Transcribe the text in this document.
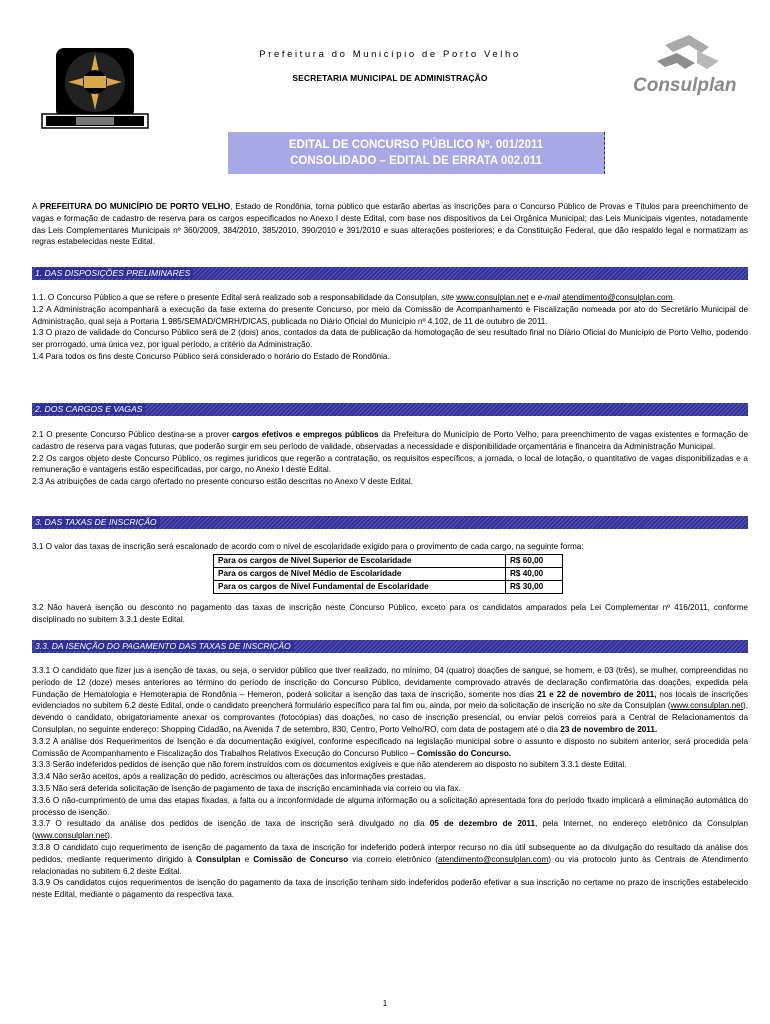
Consulplan
Prefeitura do Município de Porto Velho
SECRETARIA MUNICIPAL DE ADMINISTRAÇÃO
EDITAL DE CONCURSO PÚBLICO Nº. 001/2011
CONSOLIDADO – EDITAL DE ERRATA 002.011

A PREFEITURA DO MUNICÍPIO DE PORTO VELHO, Estado de Rondônia, torna público que estarão abertas as inscrições para o Concurso Público de Provas e Títulos para preenchimento de vagas e formação de cadastro de reserva para os cargos especificados no Anexo I deste Edital, com base nos dispositivos da Lei Orgânica Municipal; das Leis Municipais vigentes, notadamente das Leis Complementares Municipais nº 360/2009, 384/2010, 385/2010, 390/2010 e 391/2010 e suas alterações posteriores; e da Constituição Federal, que dão respaldo legal e normatizam as regras estabelecidas neste Edital.

1. DAS DISPOSIÇÕES PRELIMINARES

1.1. O Concurso Público a que se refere o presente Edital será realizado sob a responsabilidade da Consulplan, site www.consulplan.net e e-mail atendimento@consulplan.com.

1.2 A Administração acompanhará a execução da fase externa do presente Concurso, por meio da Comissão de Acompanhamento e Fiscalização nomeada por ato do Secretário Municipal de Administração, qual seja a Portaria 1.985/SEMAD/CMRH/DICAS, publicada no Diário Oficial do Município nº 4.102, de 11 de outubro de 2011.

1.3 O prazo de validade do Concurso Público será de 2 (dois) anos, contados da data de publicação da homologação de seu resultado final no Diário Oficial do Município de Porto Velho, podendo ser prorrogado, uma única vez, por igual período, a critério da Administração.

1.4 Para todos os fins deste Concurso Público será considerado o horário do Estado de Rondônia.

2. DOS CARGOS E VAGAS

2.1 O presente Concurso Público destina-se a prover cargos efetivos e empregos públicos da Prefeitura do Município de Porto Velho, para preenchimento de vagas existentes e formação de cadastro de reserva para vagas futuras, que poderão surgir em seu período de validade, observadas a necessidade e disponibilidade orçamentária e financeira da Administração Municipal.

2.2 Os cargos objeto deste Concurso Público, os regimes jurídicos que regerão a contratação, os requisitos específicos, a jornada, o local de lotação, o quantitativo de vagas disponibilizadas e a remuneração e vantagens estão especificadas, por cargo, no Anexo I deste Edital.

2.3 As atribuições de cada cargo ofertado no presente concurso estão descritas no Anexo V deste Edital.

3. DAS TAXAS DE INSCRIÇÃO

3.1 O valor das taxas de inscrição será escalonado de acordo com o nível de escolaridade exigido para o provimento de cada cargo, na seguinte forma:

Para os cargos de Nível Superior de Escolaridade	R$ 60,00
Para os cargos de Nível Médio de Escolaridade	R$ 40,00
Para os cargos de Nível Fundamental de Escolaridade	R$ 30,00

3.2 Não haverá isenção ou desconto no pagamento das taxas de inscrição neste Concurso Público, exceto para os candidatos amparados pela Lei Complementar nº 416/2011, conforme disciplinado no subitem 3.3.1 deste Edital.

3.3. DA ISENÇÃO DO PAGAMENTO DAS TAXAS DE INSCRIÇÃO

3.3.1 O candidato que fizer jus a isenção de taxas, ou seja, o servidor público que tiver realizado, no mínimo, 04 (quatro) doações de sangue, se homem, e 03 (três), se mulher, compreendidas no período de 12 (doze) meses anteriores ao término do período de inscrição do Concurso Público, devidamente comprovado através de declaração confirmatória das doações, expedida pela Fundação de Hematologia e Hemoterapia de Rondônia – Hemeron, poderá solicitar a isenção das taxa de inscrição, somente nos dias 21 e 22 de novembro de 2011, nos locais de inscrições evidenciados no subitem 6.2 deste Edital, onde o candidato preencherá formulário específico para tal fim ou, ainda, por meio da solicitação de inscrição no site da Consulplan (www.consulplan.net), devendo o candidato, obrigatoriamente anexar os comprovantes (fotocópias) das doações, no caso de inscrição presencial, ou enviar pelos correios para a Central de Relacionamentos da Consulplan, no seguinte endereço: Shopping Cidadão, na Avenida 7 de setembro, 830, Centro, Porto Velho/RO, com data de postagem até o dia 23 de novembro de 2011.

3.3.2 A análise dos Requerimentos de Isenção e da documentação exigível, conforme especificado na legislação municipal sobre o assunto e disposto no subitem anterior, será procedida pela Comissão de Acompanhamento e Fiscalização dos Trabalhos Relativos Execução do Concurso Publico – Comissão do Concurso.

3.3.3 Serão indeferidos pedidos de isenção que não forem instruídos com os documentos exigíveis e que não atenderem ao disposto no subitem 3.3.1 deste Edital.

3.3.4 Não serão aceitos, após a realização do pedido, acréscimos ou alterações das informações prestadas.

3.3.5 Não será deferida solicitação de isenção de pagamento de taxa de inscrição encaminhada via correio ou via fax.

3.3.6 O não-cumprimento de uma das etapas fixadas, a falta ou a inconformidade de alguma informação ou a solicitação apresentada fora do período fixado implicará a eliminação automática do processo de isenção.

3.3.7 O resultado da análise dos pedidos de isenção de taxa de inscrição será divulgado no dia 05 de dezembro de 2011, pela Internet, no endereço eletrônico da Consulplan (www.consulplan.net).

3.3.8 O candidato cujo requerimento de isenção de pagamento da taxa de inscrição for indeferido poderá interpor recurso no dia útil subsequente ao da divulgação do resultado da análise dos pedidos, mediante requerimento dirigido à Consulplan e Comissão de Concurso via correio eletrônico (atendimento@consulplan.com) ou via protocolo junto às Centrais de Atendimento relacionadas no subitem 6.2 deste Edital.

3.3.9 Os candidatos cujos requerimentos de isenção do pagamento da taxa de inscrição tenham sido indeferidos poderão efetivar a sua inscrição no certame no prazo de inscrições estabelecido neste Edital, mediante o pagamento da respectiva taxa.

1
